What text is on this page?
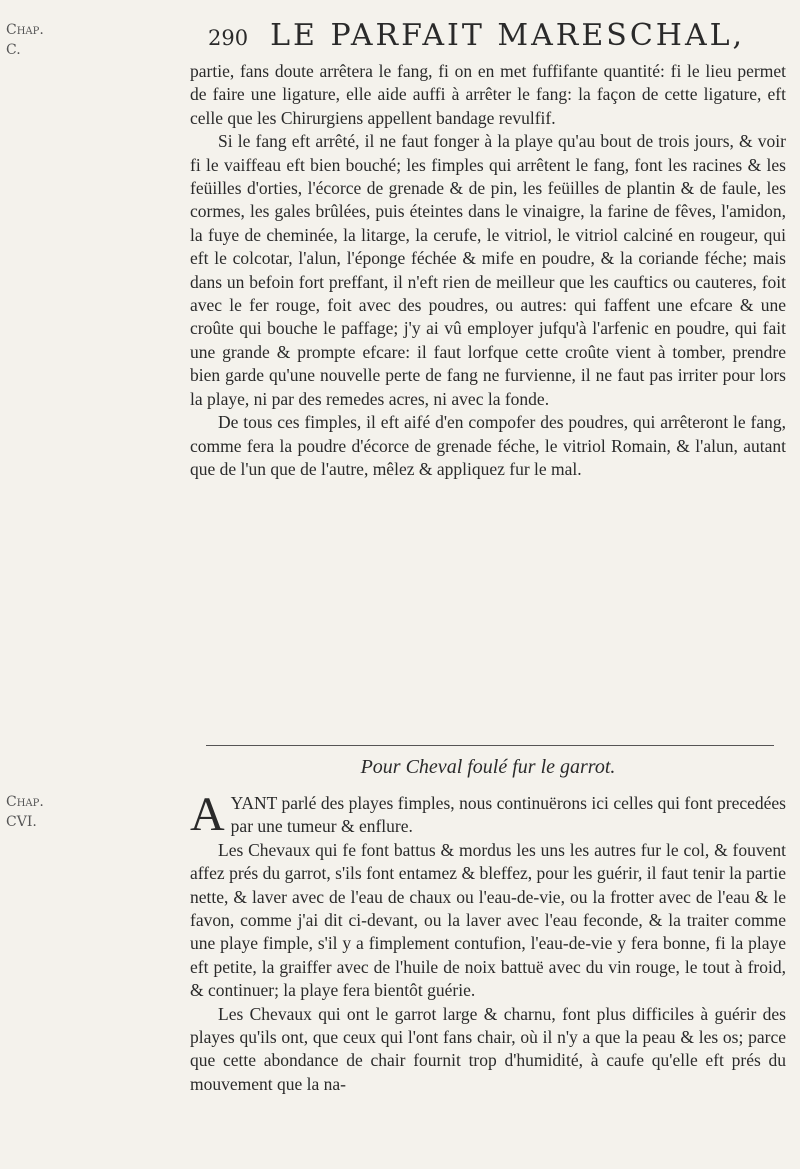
290 LE PARFAIT MARESCHAL,
Chap.
C.

partie, fans doute arrêtera le fang, fi on en met fuffifante quantité: fi le lieu permet de faire une ligature, elle aide auffi à arrêter le fang: la façon de cette ligature, eft celle que les Chirurgiens appellent bandage revulfif.

Si le fang eft arrêté, il ne faut fonger à la playe qu'au bout de trois jours, & voir fi le vaiffeau eft bien bouché; les fimples qui arrêtent le fang, font les racines & les feüilles d'orties, l'écorce de grenade & de pin, les feüilles de plantin & de faule, les cormes, les gales brûlées, puis éteintes dans le vinaigre, la farine de fêves, l'amidon, la fuye de cheminée, la litarge, la cerufe, le vitriol, le vitriol calciné en rougeur, qui eft le colcotar, l'alun, l'éponge féchée & mife en poudre, & la coriande féche; mais dans un befoin fort preffant, il n'eft rien de meilleur que les cauftics ou cauteres, foit avec le fer rouge, foit avec des poudres, ou autres: qui faffent une efcare & une croûte qui bouche le paffage; j'y ai vû employer jufqu'à l'arfenic en poudre, qui fait une grande & prompte efcare: il faut lorfque cette croûte vient à tomber, prendre bien garde qu'une nouvelle perte de fang ne furvienne, il ne faut pas irriter pour lors la playe, ni par des remedes acres, ni avec la fonde.

De tous ces fimples, il eft aifé d'en compofer des poudres, qui arrêteront le fang, comme fera la poudre d'écorce de grenade féche, le vitriol Romain, & l'alun, autant que de l'un que de l'autre, mêlez & appliquez fur le mal.

Pour Cheval foulé fur le garrot.
Chap.
CVI.	AYANT parlé des playes fimples, nous continuërons ici celles qui font precedées par une tumeur & enflure.

Les Chevaux qui fe font battus & mordus les uns les autres fur le col, & fouvent affez prés du garrot, s'ils font entamez & bleffez, pour les guérir, il faut tenir la partie nette, & laver avec de l'eau de chaux ou l'eau-de-vie, ou la frotter avec de l'eau & le favon, comme j'ai dit ci-devant, ou la laver avec l'eau feconde, & la traiter comme une playe fimple, s'il y a fimplement contufion, l'eau-de-vie y fera bonne, fi la playe eft petite, la graiffer avec de l'huile de noix battuë avec du vin rouge, le tout à froid, & continuer; la playe fera bientôt guérie.

Les Chevaux qui ont le garrot large & charnu, font plus difficiles à guérir des playes qu'ils ont, que ceux qui l'ont fans chair, où il n'y a que la peau & les os; parce que cette abondance de chair fournit trop d'humidité, à caufe qu'elle eft prés du mouvement que la na-
